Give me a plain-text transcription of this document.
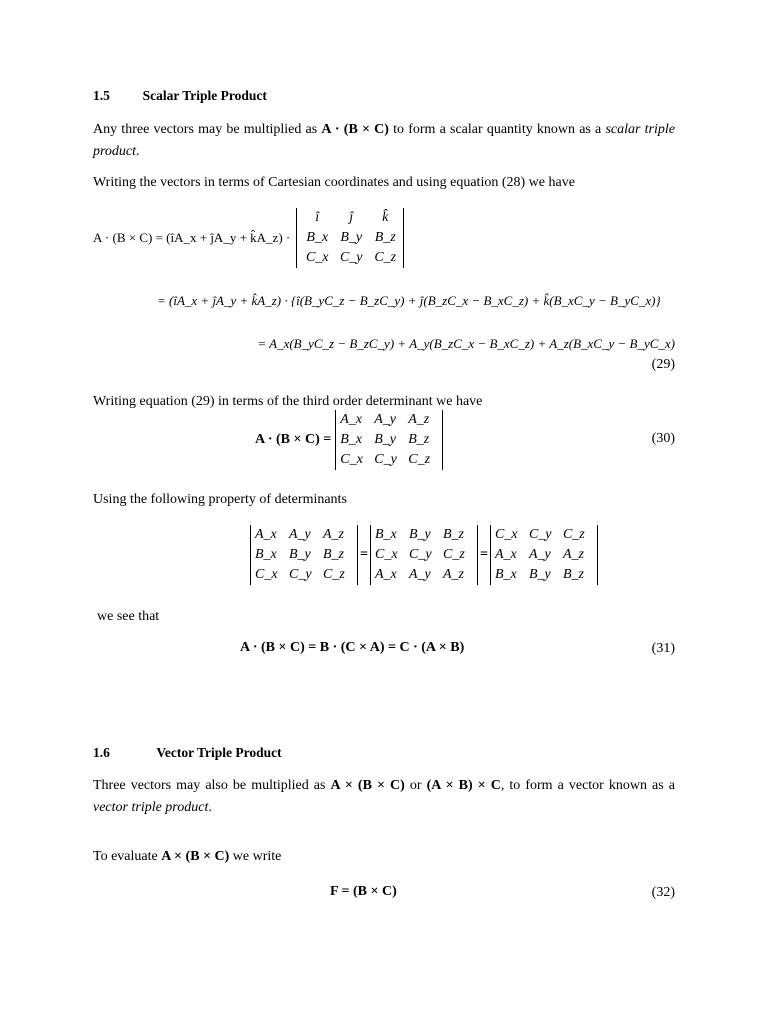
1.5 Scalar Triple Product
Any three vectors may be multiplied as A · (B × C) to form a scalar quantity known as a scalar triple product.
Writing the vectors in terms of Cartesian coordinates and using equation (28) we have
A · (B × C) = (îA_x + ĵA_y + k̂A_z) ·
î	ĵ	k̂
B_x B_y B_z
C_x C_y C_z
= (îA_x + ĵA_y + k̂A_z) · {î(B_yC_z − B_zC_y) + ĵ(B_zC_x − B_xC_z) + k̂(B_xC_y − B_yC_x)}
= A_x(B_yC_z − B_zC_y) + A_y(B_zC_x − B_xC_z) + A_z(B_xC_y − B_yC_x)
(29)
Writing equation (29) in terms of the third order determinant we have
A · (B × C) =
A_x A_y A_z
B_x B_y B_z
C_x C_y C_z
(30)
Using the following property of determinants
A_x A_y A_z
B_x B_y B_z
C_x C_y C_z
=
B_x B_y B_z
C_x C_y C_z
A_x A_y A_z
=
C_x C_y C_z
A_x A_y A_z
B_x B_y B_z
we see that
A · (B × C) = B · (C × A) = C · (A × B)	(31)
1.6	Vector Triple Product
Three vectors may also be multiplied as A × (B × C) or (A × B) × C, to form a vector known as a vector triple product.
To evaluate A × (B × C) we write
F = (B × C)	(32)
